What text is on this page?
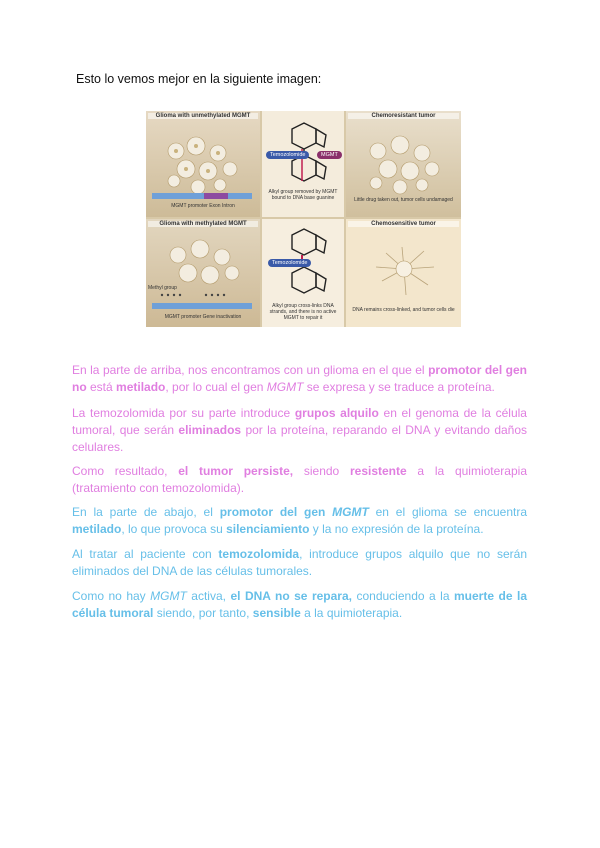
Esto lo vemos mejor en la siguiente imagen:
Glioma with unmethylated MGMT
MGMT promoter Exon Intron
Temozolomide	MGMT
Alkyl group removed by MGMT bound to DNA base guanine
Chemoresistant tumor
Little drug taken out, tumor cells undamaged
Glioma with methylated MGMT
Methyl group
MGMT promoter Gene inactivation
Temozolomide
Alkyl group cross-links DNA strands, and there is no active MGMT to repair it
Chemosensitive tumor
DNA remains cross-linked, and tumor cells die

En la parte de arriba, nos encontramos con un glioma en el que el promotor del gen no está metilado, por lo cual el gen MGMT se expresa y se traduce a proteína.

La temozolomida por su parte introduce grupos alquilo en el genoma de la célula tumoral, que serán eliminados por la proteína, reparando el DNA y evitando daños celulares.

Como resultado, el tumor persiste, siendo resistente a la quimioterapia (tratamiento con temozolomida).

En la parte de abajo, el promotor del gen MGMT en el glioma se encuentra metilado, lo que provoca su silenciamiento y la no expresión de la proteína.

Al tratar al paciente con temozolomida, introduce grupos alquilo que no serán eliminados del DNA de las células tumorales.

Como no hay MGMT activa, el DNA no se repara, conduciendo a la muerte de la célula tumoral siendo, por tanto, sensible a la quimioterapia.
